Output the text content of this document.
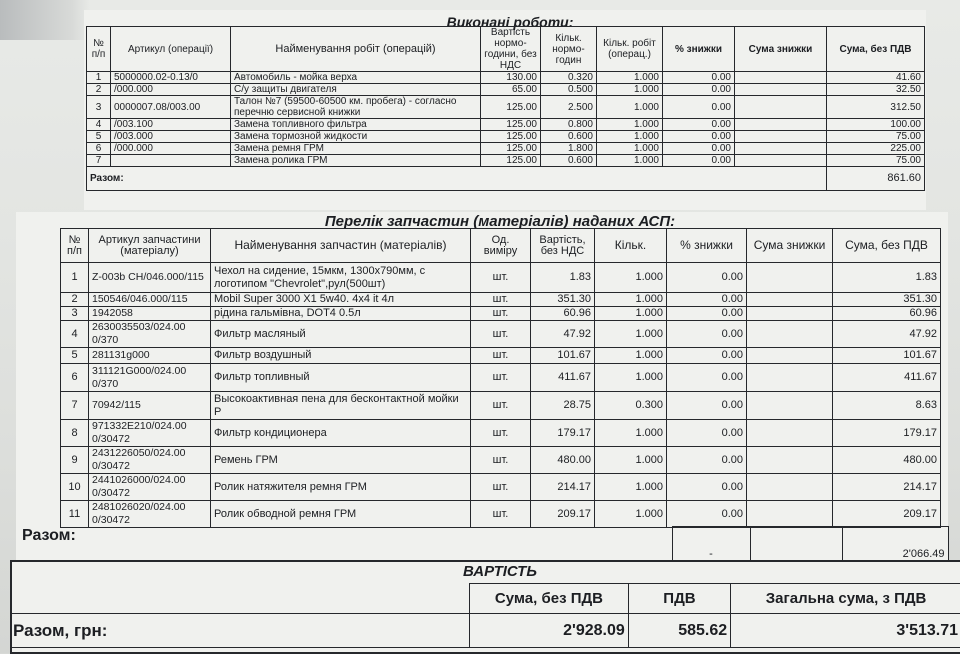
Виконані роботи:
№ п/п	Артикул (операції)	Найменування робіт (операцій)	Вартість нормо-години, без НДС	Кільк. нормо-годин	Кільк. робіт (операц.)	% знижки	Сума знижки	Сума, без ПДВ
1	5000000.02-0.13/0	Автомобиль - мойка верха	130.00	0.320	1.000	0.00		41.60
2	/000.000	С/у защиты двигателя	65.00	0.500	1.000	0.00		32.50
3	0000007.08/003.00	Талон №7 (59500-60500 км. пробега) - согласно перечню сервисной книжки	125.00	2.500	1.000	0.00		312.50
4	/003.100	Замена топливного фильтра	125.00	0.800	1.000	0.00		100.00
5	/003.000	Замена тормозной жидкости	125.00	0.600	1.000	0.00		75.00
6	/000.000	Замена ремня ГРМ	125.00	1.800	1.000	0.00		225.00
7		Замена ролика ГРМ	125.00	0.600	1.000	0.00		75.00
Разом:								861.60
Перелік запчастин (матеріалів) наданих АСП:
№ п/п	Артикул запчастини (матеріалу)	Найменування запчастин (матеріалів)	Од. виміру	Вартість, без НДС	Кільк.	% знижки	Сума знижки	Сума, без ПДВ
1	Z-003b CH/046.000/115	Чехол на сидение, 15мкм, 1300х790мм, с логотипом "Chevrolet",рул(500шт)	шт.	1.83	1.000	0.00		1.83
2	150546/046.000/115	Mobil Super 3000 X1 5w40. 4x4 it 4л	шт.	351.30	1.000	0.00		351.30
3	1942058	рідина гальмівна, DOT4 0.5л	шт.	60.96	1.000	0.00		60.96
4	2630035503/024.00 0/370	Фильтр масляный	шт.	47.92	1.000	0.00		47.92
5	281131g000	Фильтр воздушный	шт.	101.67	1.000	0.00		101.67
6	311121G000/024.00 0/370	Фильтр топливный	шт.	411.67	1.000	0.00		411.67
7	70942/115	Высокоактивная пена для бесконтактной мойки Р	шт.	28.75	0.300	0.00		8.63
8	971332E210/024.00 0/30472	Фильтр кондиционера	шт.	179.17	1.000	0.00		179.17
9	2431226050/024.00 0/30472	Ремень ГРМ	шт.	480.00	1.000	0.00		480.00
10	2441026000/024.00 0/30472	Ролик натяжителя ремня ГРМ	шт.	214.17	1.000	0.00		214.17
11	2481026020/024.00 0/30472	Ролик обводной ремня ГРМ	шт.	209.17	1.000	0.00		209.17
Разом:	-		2'066.49
ВАРТІСТЬ
	Сума, без ПДВ	ПДВ	Загальна сума, з ПДВ
Разом, грн:	2'928.09	585.62	3'513.71
